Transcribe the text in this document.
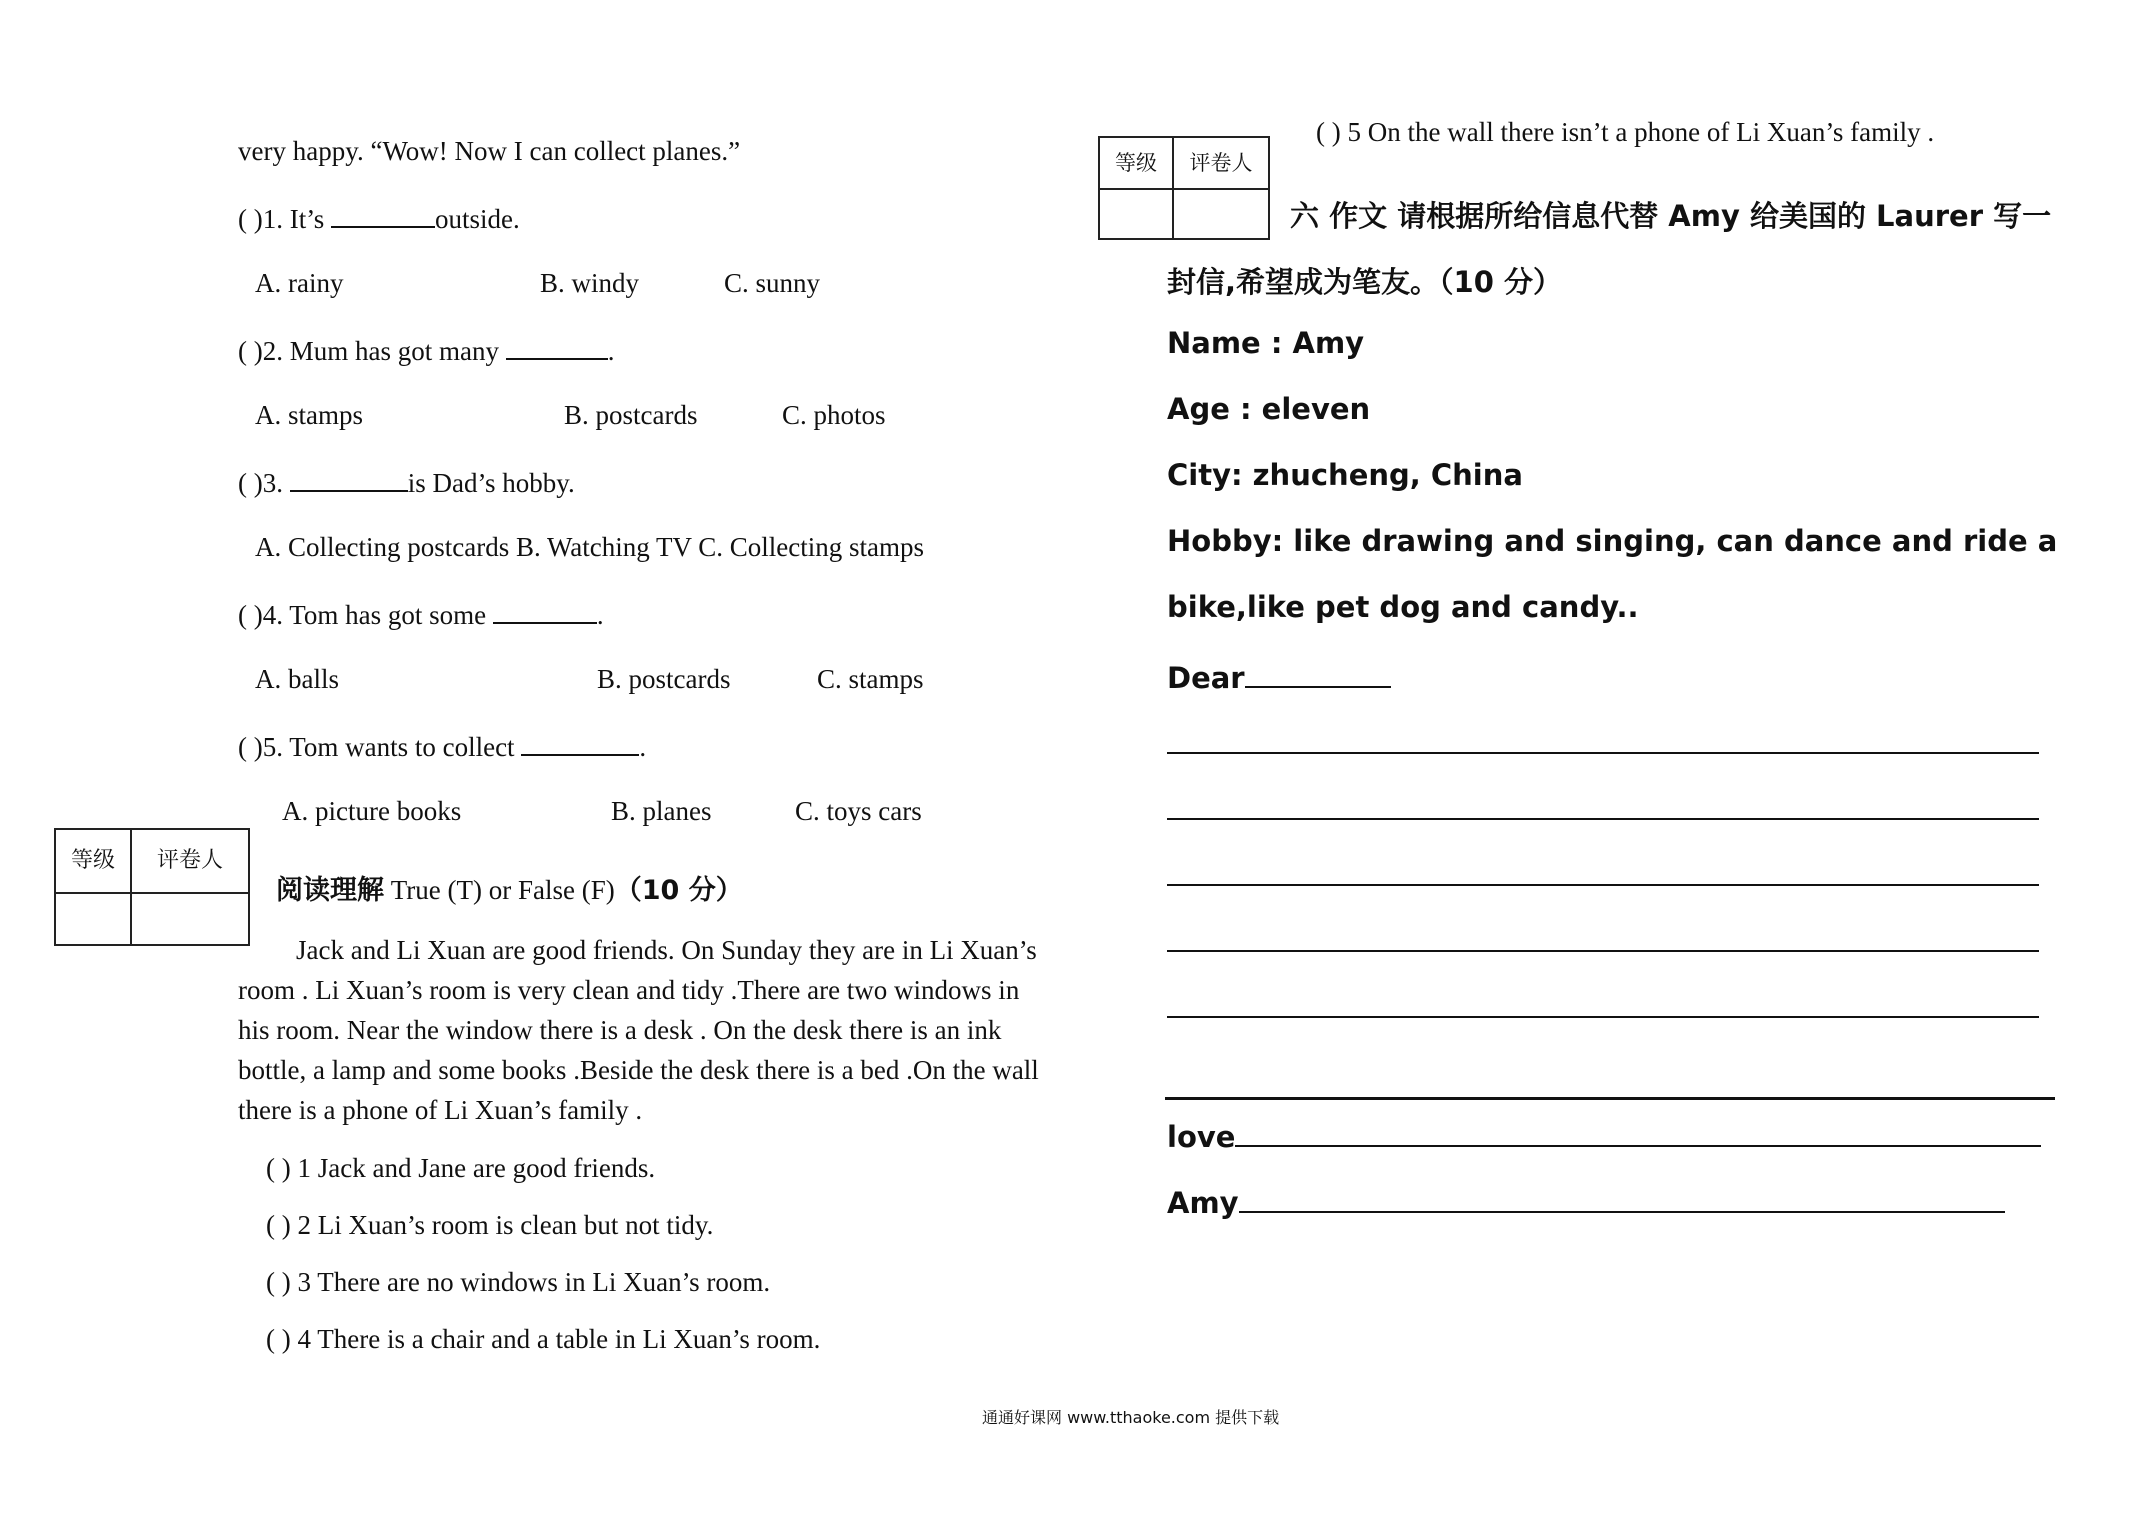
very happy. “Wow! Now I can collect planes.”
( )1. It’s	outside.
A. rainy	B. windy	C. sunny
( )2. Mum has got many	.
A. stamps	B. postcards	C. photos
( )3.	is Dad’s hobby.
A. Collecting postcards B. Watching TV C. Collecting stamps
( )4. Tom has got some	.
A. balls	B. postcards	C. stamps
( )5. Tom wants to collect	.
A. picture books	B. planes	C. toys cars
等级	评卷人
阅读理解 True (T) or False (F)（10 分）
Jack and Li Xuan are good friends. On Sunday they are in Li Xuan’s
room . Li Xuan’s room is very clean and tidy .There are two windows in
his room. Near the window there is a desk . On the desk there is an ink
bottle, a lamp and some books .Beside the desk there is a bed .On the wall
there is a phone of Li Xuan’s family .
( ) 1 Jack and Jane are good friends.
( ) 2 Li Xuan’s room is clean but not tidy.
( ) 3 There are no windows in Li Xuan’s room.
( ) 4 There is a chair and a table in Li Xuan’s room.
等级	评卷人
( ) 5 On the wall there isn’t a phone of Li Xuan’s family .
六 作文 请根据所给信息代替 Amy 给美国的 Laurer 写一
封信,希望成为笔友。（10 分）
Name : Amy
Age : eleven
City: zhucheng, China
Hobby: like drawing and singing, can dance and ride a
bike,like pet dog and candy..
Dear
love
Amy
通通好课网 www.tthaoke.com 提供下载
